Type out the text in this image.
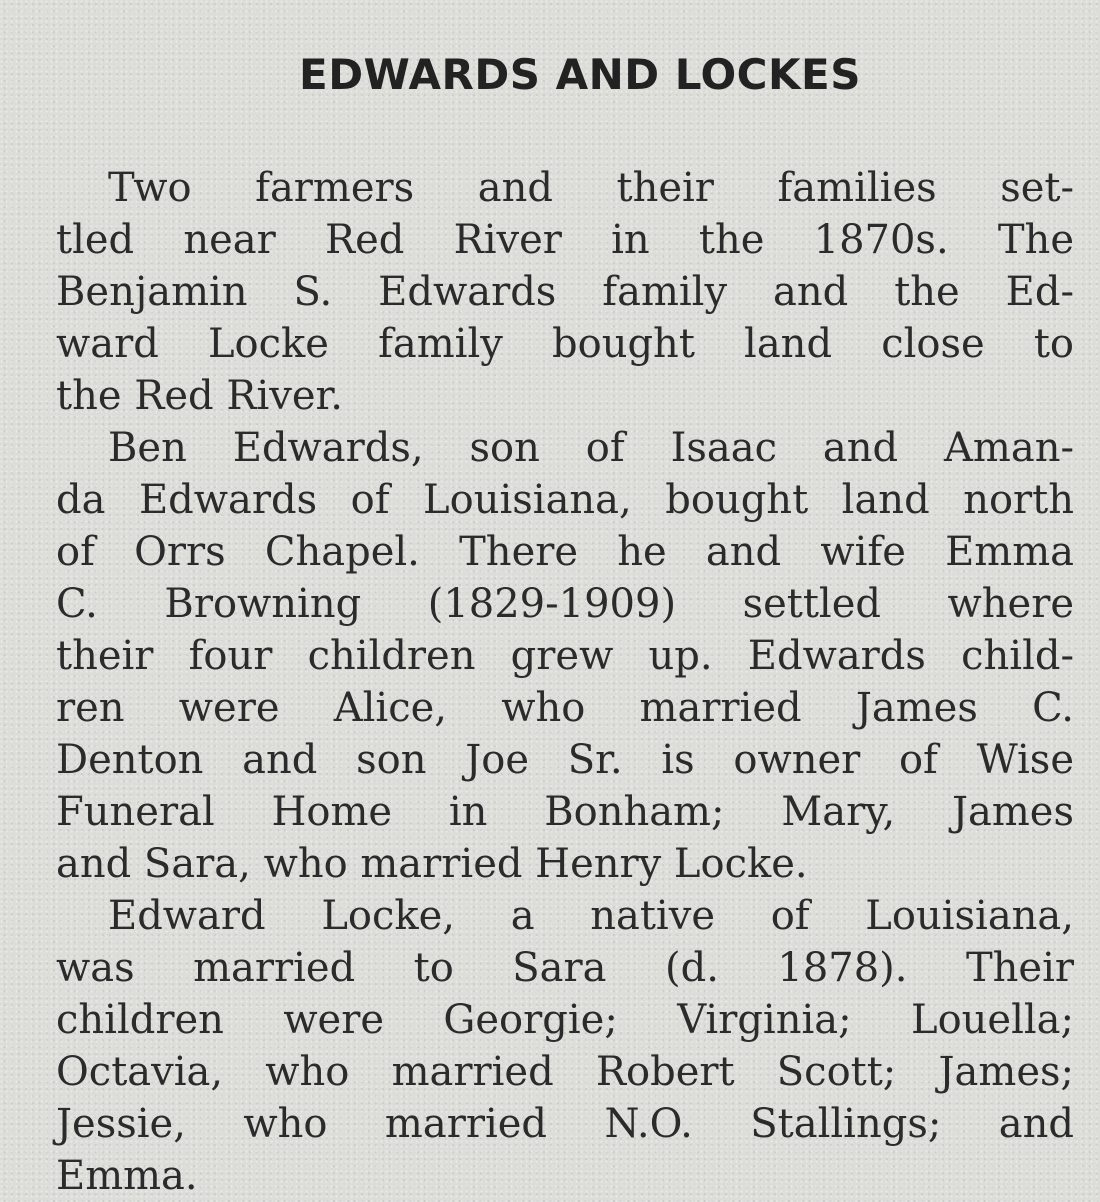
EDWARDS AND LOCKES
Two farmers and their families set-
tled near Red River in the 1870s. The
Benjamin S. Edwards family and the Ed-
ward Locke family bought land close to
the Red River.
Ben Edwards, son of Isaac and Aman-
da Edwards of Louisiana, bought land north
of Orrs Chapel. There he and wife Emma
C. Browning (1829-1909) settled where
their four children grew up. Edwards child-
ren were Alice, who married James C.
Denton and son Joe Sr. is owner of Wise
Funeral Home in Bonham; Mary, James
and Sara, who married Henry Locke.
Edward Locke, a native of Louisiana,
was married to Sara (d. 1878). Their
children were Georgie; Virginia; Louella;
Octavia, who married Robert Scott; James;
Jessie, who married N.O. Stallings; and
Emma.
